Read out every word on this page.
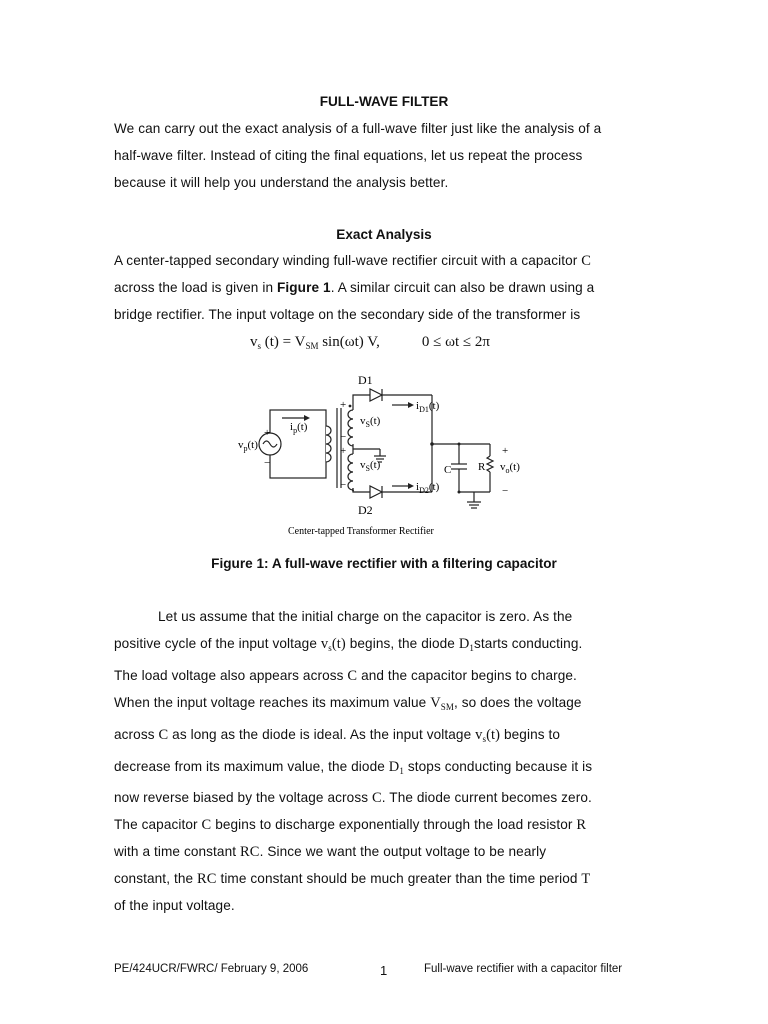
FULL-WAVE FILTER
We can carry out the exact analysis of a full-wave filter just like the analysis of a
half-wave filter. Instead of citing the final equations, let us repeat the process
because it will help you understand the analysis better.
Exact Analysis
A center-tapped secondary winding full-wave rectifier circuit with a capacitor C
across the load is given in Figure 1. A similar circuit can also be drawn using a
bridge rectifier. The input voltage on the secondary side of the transformer is
$v_s$ $(t) = V_{SM}$ sin(ωt) V,	0 ≤ ωt ≤ 2π
D1
D2
$i_{D1}(t)$
$i_{D2}(t)$
$i_p(t)$
$v_p(t)$
$v_S(t)$
$v_S(t)$	C R $v_o(t)$
+
−
+
−
+
−
+
−
Center-tapped Transformer Rectifier
Figure 1: A full-wave rectifier with a filtering capacitor
Let us assume that the initial charge on the capacitor is zero. As the
positive cycle of the input voltage $v_s(t)$ begins, the diode $D_1starts$ conducting.
The load voltage also appears across C and the capacitor begins to charge.
When the input voltage reaches its maximum value $V_{SM}$, so does the voltage
across C as long as the diode is ideal. As the input voltage $v_s(t)$ begins to
decrease from its maximum value, the diode $D_1$ stops conducting because it is
now reverse biased by the voltage across C. The diode current becomes zero.
The capacitor C begins to discharge exponentially through the load resistor R
with a time constant RC. Since we want the output voltage to be nearly
constant, the RC time constant should be much greater than the time period T
of the input voltage.
PE/424UCR/FWRC/ February 9, 2006	1	Full-wave rectifier with a capacitor filter
